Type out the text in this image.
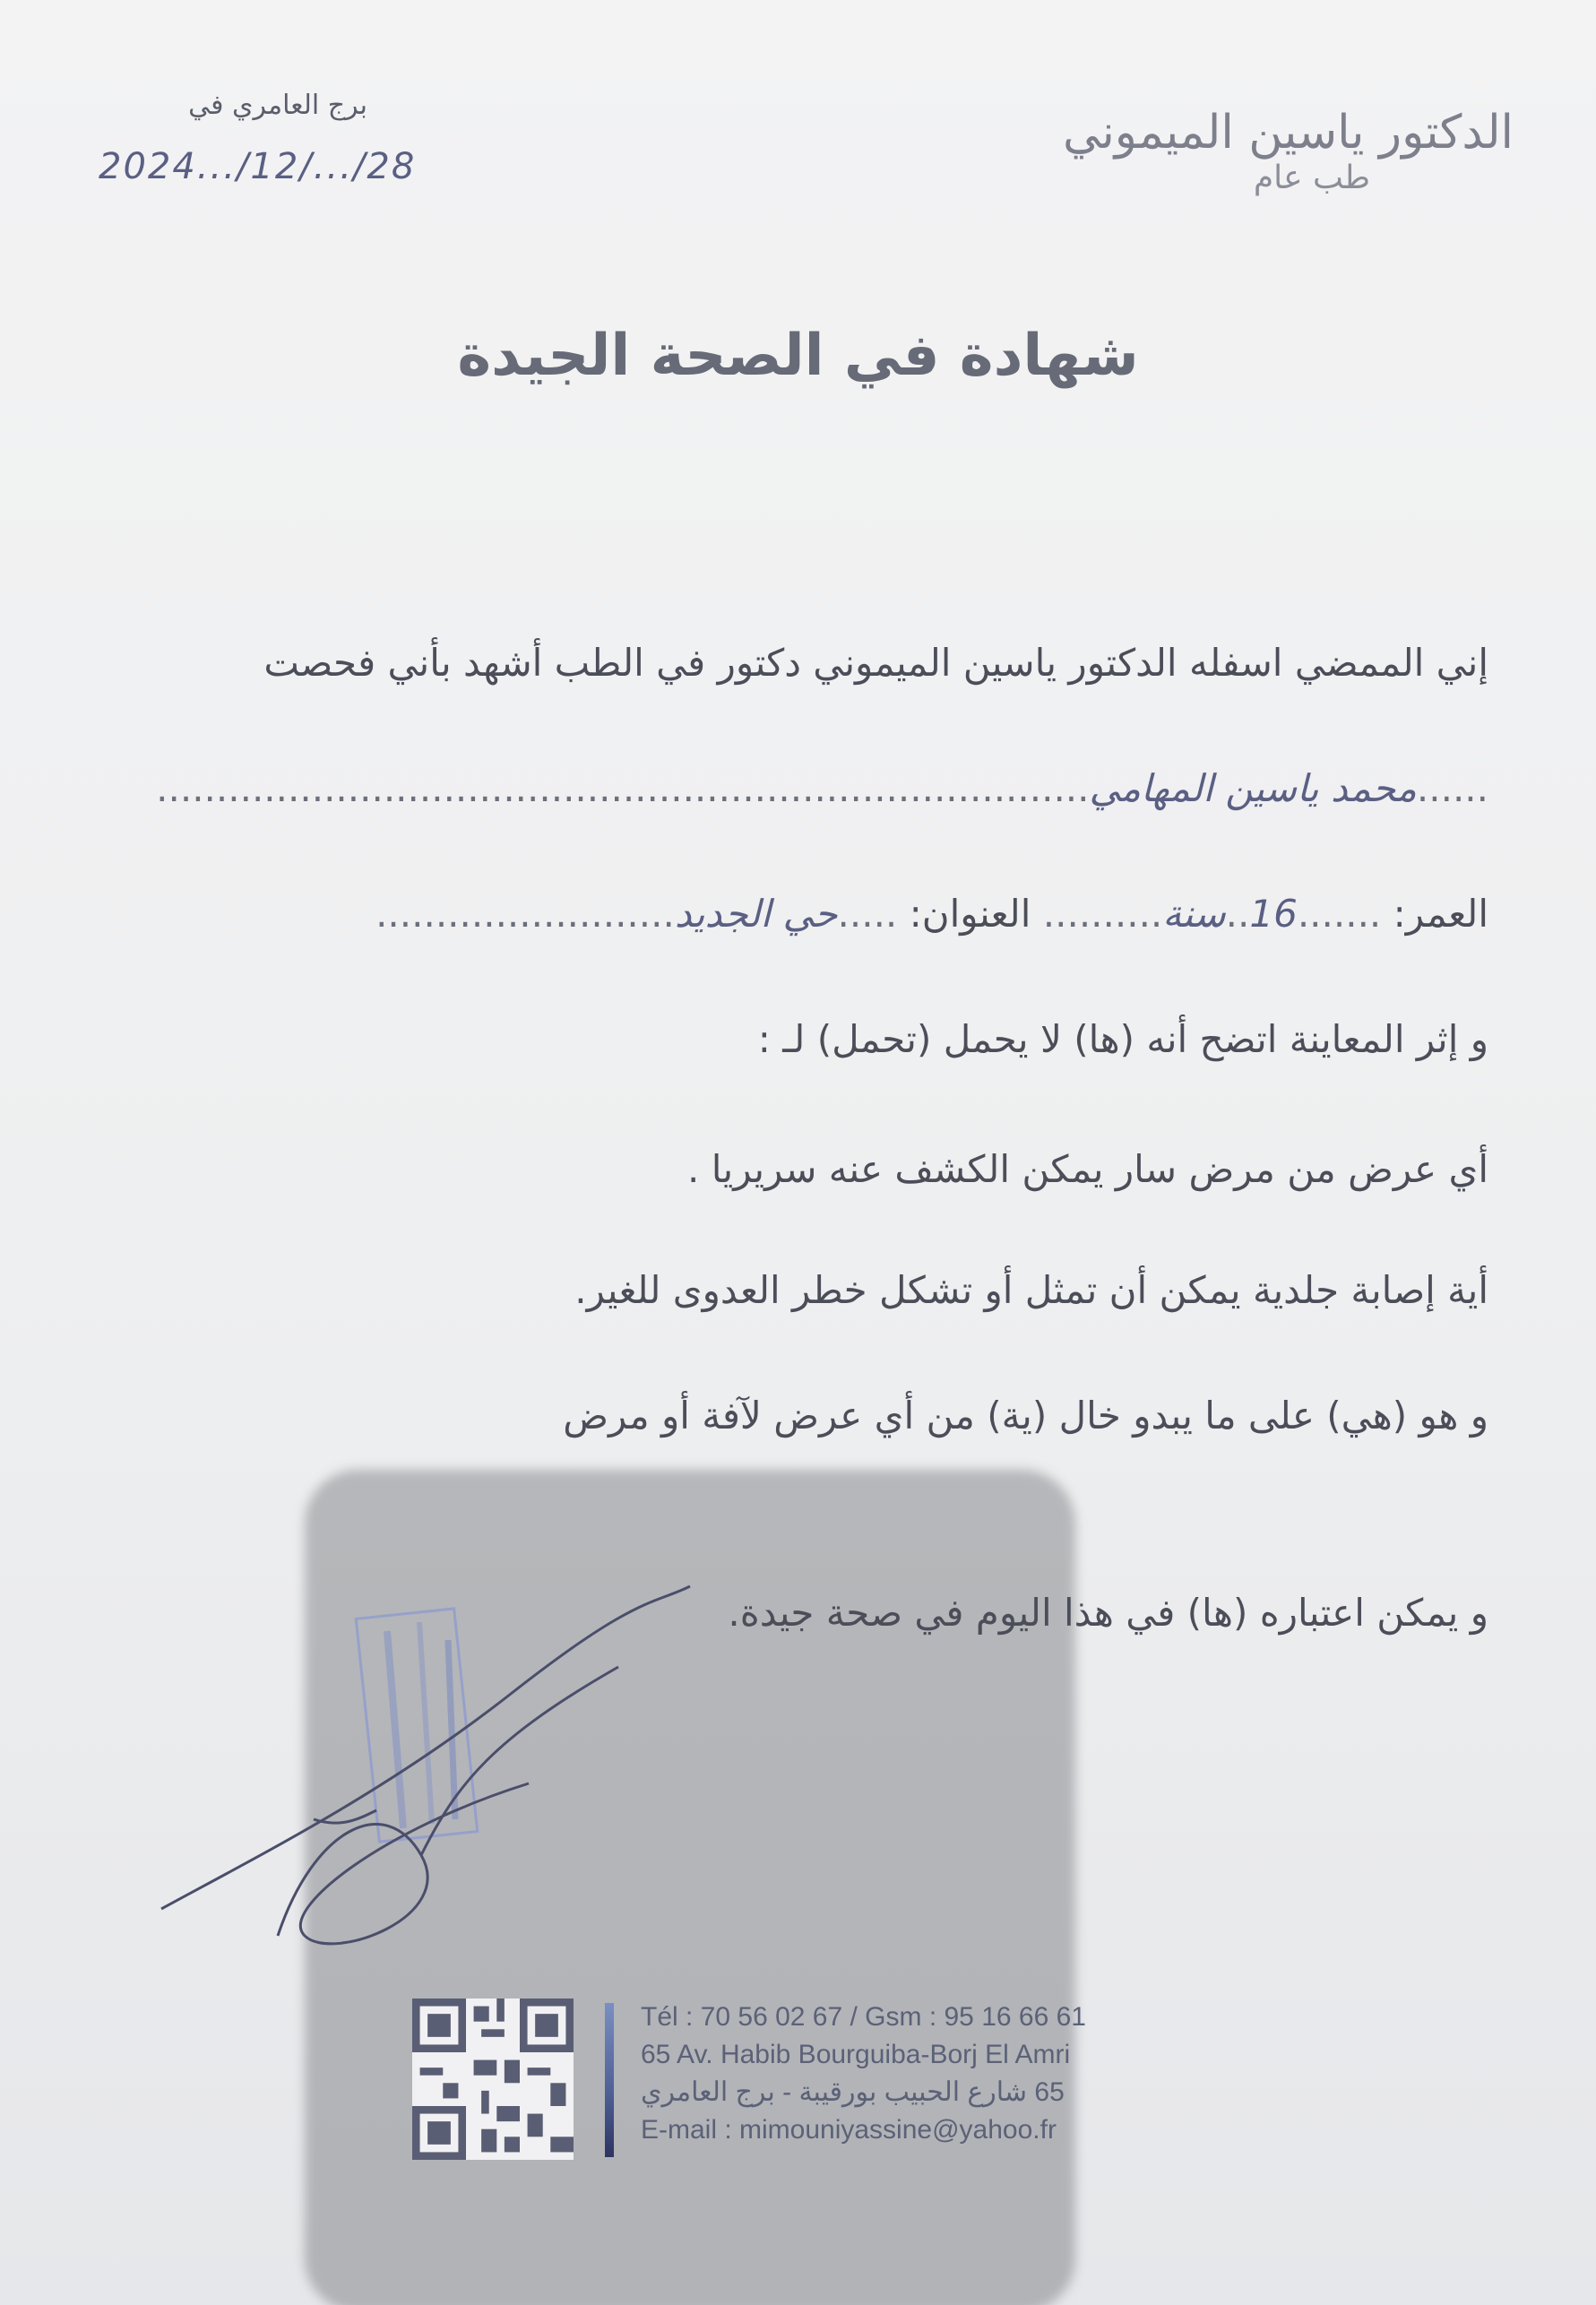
الدكتور ياسين الميموني
طب عام
برج العامري في
2024.../12/.../28
شهادة في الصحة الجيدة
إني الممضي اسفله الدكتور ياسين الميموني دكتور في الطب أشهد بأني فحصت
......محمد ياسين المهامي..............................................................................
العمر: .......16..سنة.......... العنوان: .....حي الجديد.........................
و إثر المعاينة اتضح أنه (ها) لا يحمل (تحمل) لـ :
أي عرض من مرض سار يمكن الكشف عنه سريريا .
أية إصابة جلدية يمكن أن تمثل أو تشكل خطر العدوى للغير.
و هو (هي) على ما يبدو خال (ية) من أي عرض لآفة أو مرض
و يمكن اعتباره (ها) في هذا اليوم في صحة جيدة.
Tél : 70 56 02 67 / Gsm : 95 16 66 61
65 Av. Habib Bourguiba-Borj El Amri
65 شارع الحبيب بورقيبة - برج العامري
E-mail : mimouniyassine@yahoo.fr
